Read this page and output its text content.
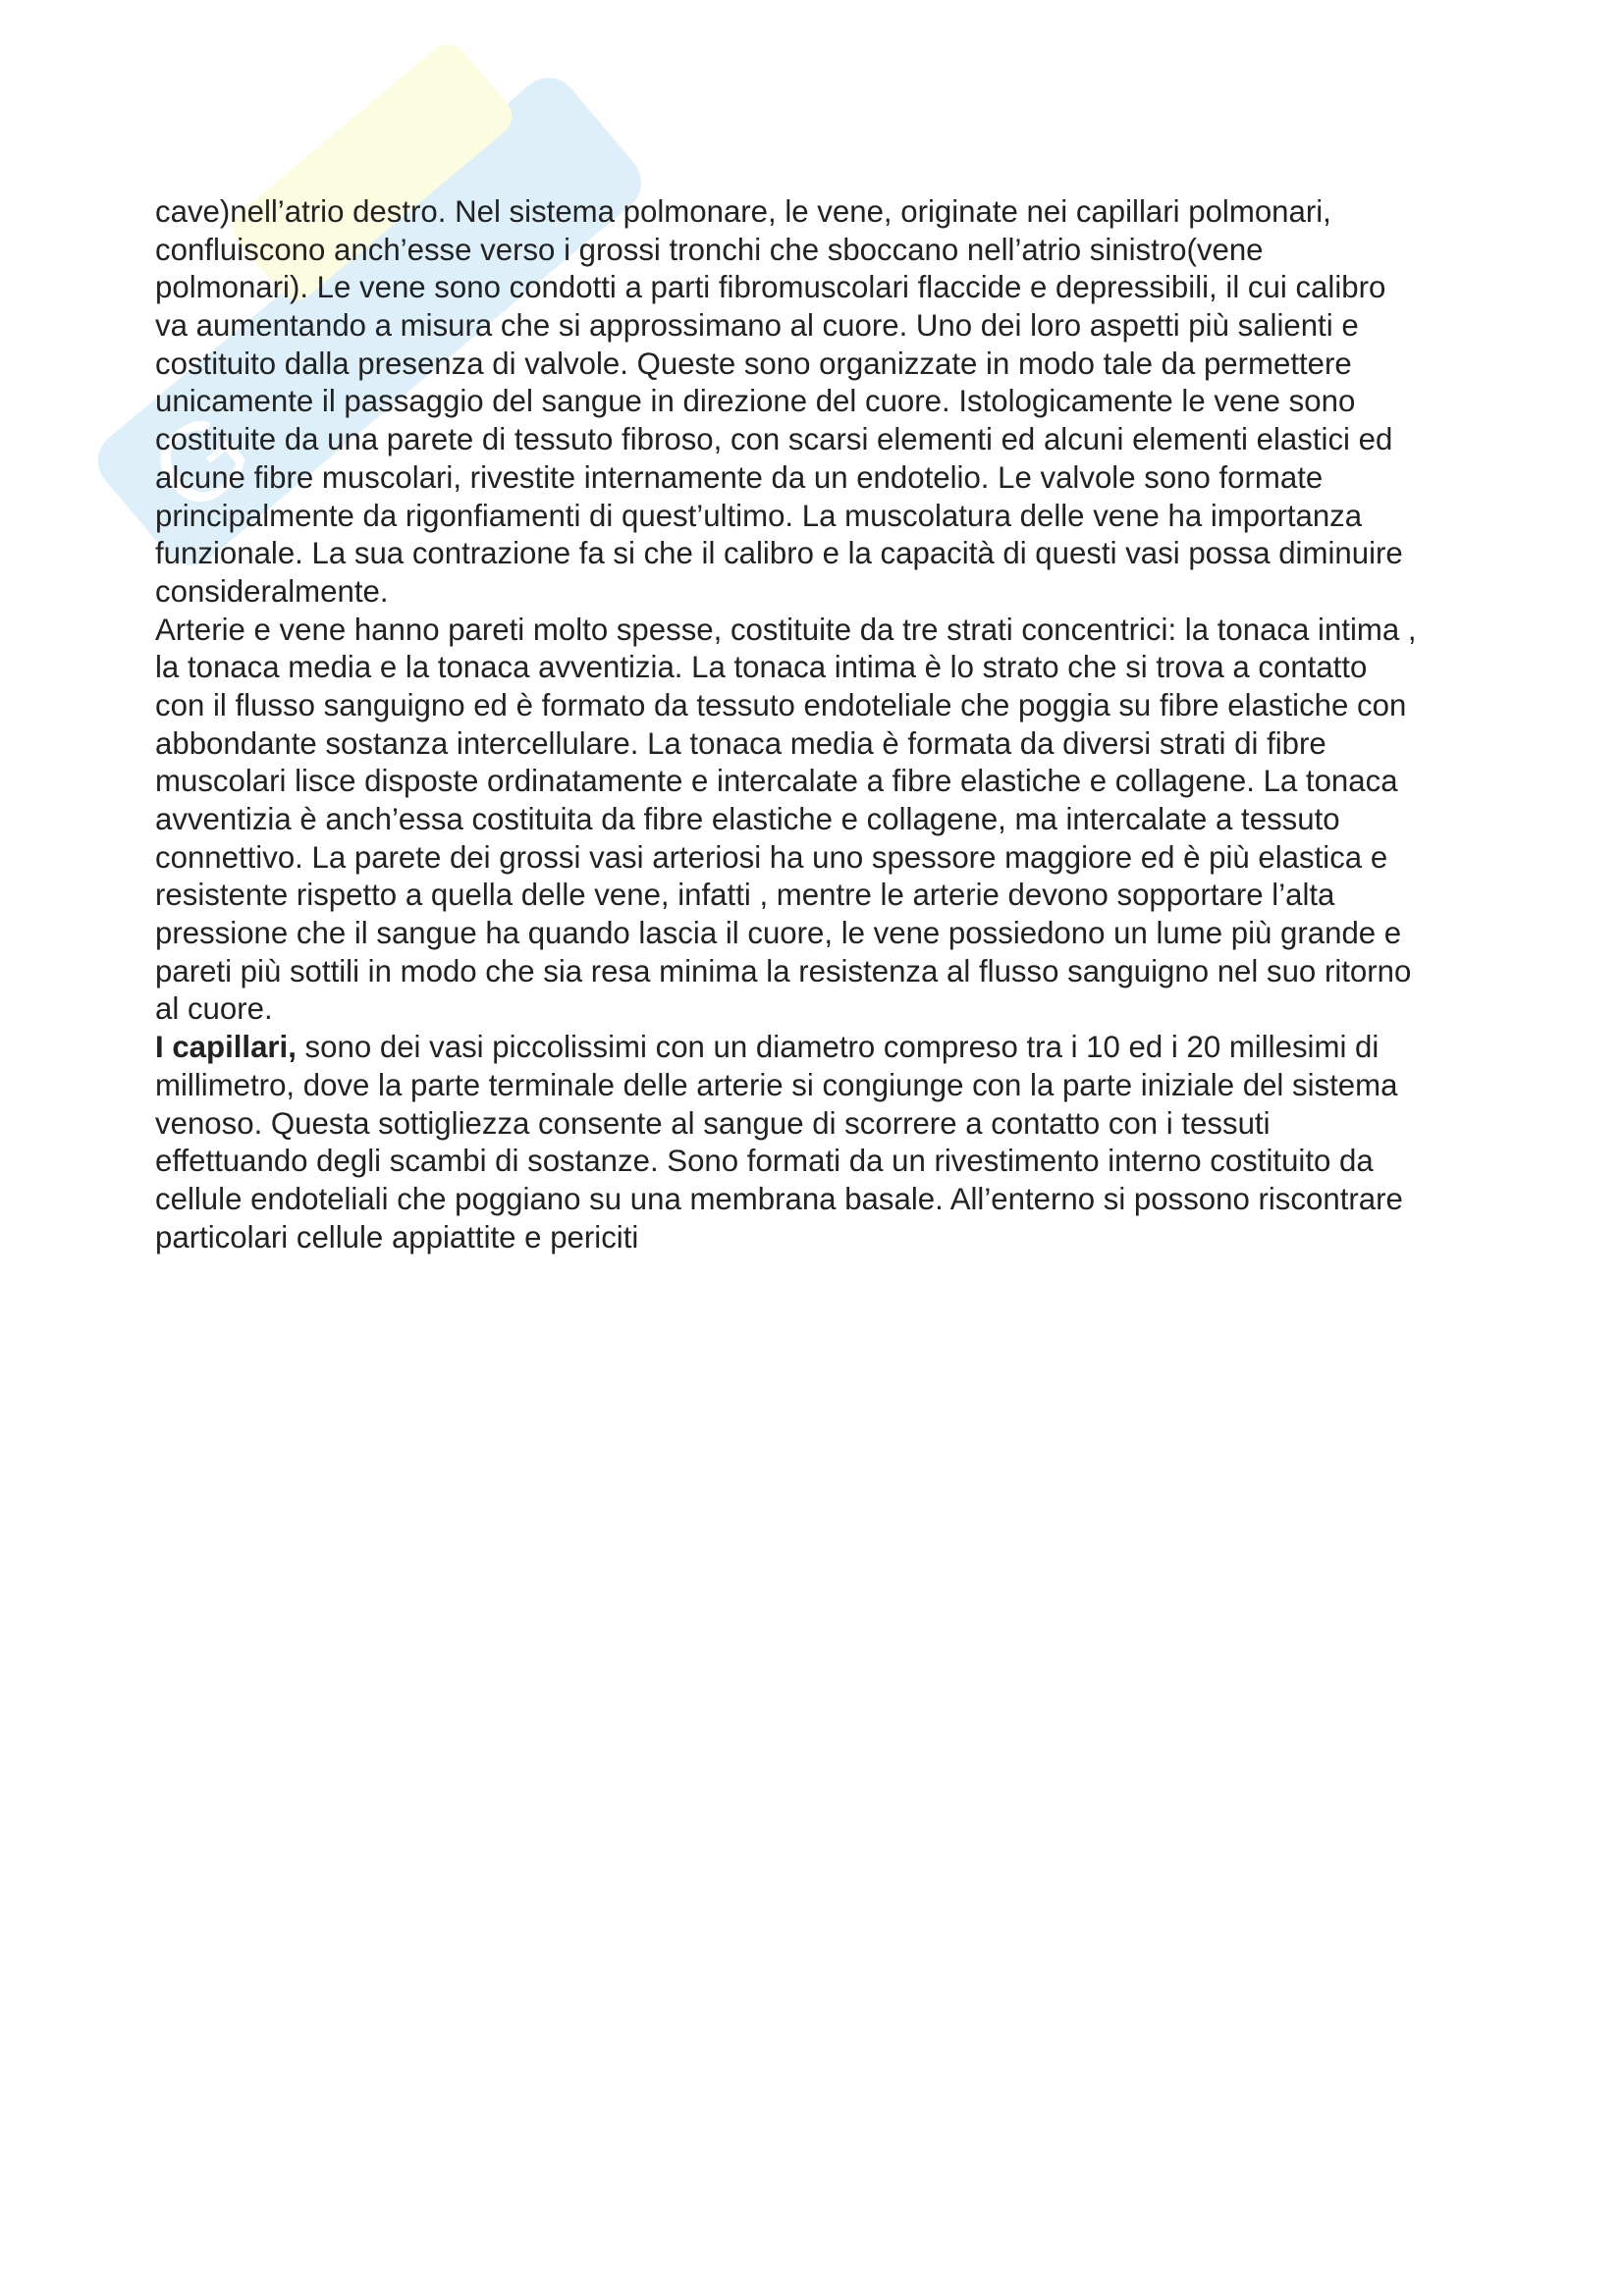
G
cave)nell’atrio destro. Nel sistema polmonare, le vene, originate nei capillari polmonari,
confluiscono anch’esse verso i grossi tronchi che sboccano nell’atrio sinistro(vene
polmonari). Le vene sono condotti a parti fibromuscolari flaccide e depressibili, il cui calibro
va aumentando a misura che si approssimano al cuore. Uno dei loro aspetti più salienti e
costituito dalla presenza di valvole. Queste sono organizzate in modo tale da permettere
unicamente il passaggio del sangue in direzione del cuore. Istologicamente le vene sono
costituite da una parete di tessuto fibroso, con scarsi elementi ed alcuni elementi elastici ed
alcune fibre muscolari, rivestite internamente da un endotelio. Le valvole sono formate
principalmente da rigonfiamenti di quest’ultimo. La muscolatura delle vene ha importanza
funzionale. La sua contrazione fa si che il calibro e la capacità di questi vasi possa diminuire
consideralmente.
Arterie e vene hanno pareti molto spesse, costituite da tre strati concentrici: la tonaca intima ,
la tonaca media e la tonaca avventizia. La tonaca intima è lo strato che si trova a contatto
con il flusso sanguigno ed è formato da tessuto endoteliale che poggia su fibre elastiche con
abbondante sostanza intercellulare. La tonaca media è formata da diversi strati di fibre
muscolari lisce disposte ordinatamente e intercalate a fibre elastiche e collagene. La tonaca
avventizia è anch’essa costituita da fibre elastiche e collagene, ma intercalate a tessuto
connettivo. La parete dei grossi vasi arteriosi ha uno spessore maggiore ed è più elastica e
resistente rispetto a quella delle vene, infatti , mentre le arterie devono sopportare l’alta
pressione che il sangue ha quando lascia il cuore, le vene possiedono un lume più grande e
pareti più sottili in modo che sia resa minima la resistenza al flusso sanguigno nel suo ritorno
al cuore.
I capillari, sono dei vasi piccolissimi con un diametro compreso tra i 10 ed i 20 millesimi di
millimetro, dove la parte terminale delle arterie si congiunge con la parte iniziale del sistema
venoso. Questa sottigliezza consente al sangue di scorrere a contatto con i tessuti
effettuando degli scambi di sostanze. Sono formati da un rivestimento interno costituito da
cellule endoteliali che poggiano su una membrana basale. All’enterno si possono riscontrare
particolari cellule appiattite e periciti
